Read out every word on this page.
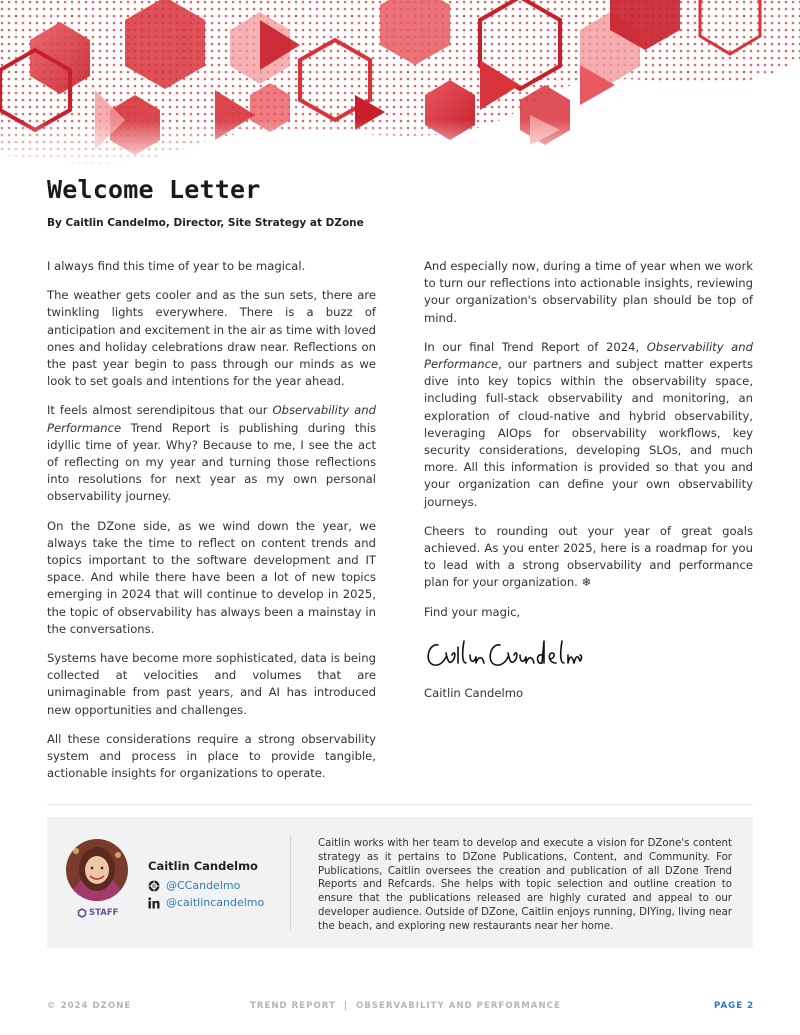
Welcome Letter
By Caitlin Candelmo, Director, Site Strategy at DZone

I always find this time of year to be magical.

The weather gets cooler and as the sun sets, there are twinkling lights everywhere. There is a buzz of anticipation and excitement in the air as time with loved ones and holiday celebrations draw near. Reflections on the past year begin to pass through our minds as we look to set goals and intentions for the year ahead.

It feels almost serendipitous that our Observability and Performance Trend Report is publishing during this idyllic time of year. Why? Because to me, I see the act of reflecting on my year and turning those reflections into resolutions for next year as my own personal observability journey.

On the DZone side, as we wind down the year, we always take the time to reflect on content trends and topics important to the software development and IT space. And while there have been a lot of new topics emerging in 2024 that will continue to develop in 2025, the topic of observability has always been a mainstay in the conversations.

Systems have become more sophisticated, data is being collected at velocities and volumes that are unimaginable from past years, and AI has introduced new opportunities and challenges.

All these considerations require a strong observability system and process in place to provide tangible, actionable insights for organizations to operate.

And especially now, during a time of year when we work to turn our reflections into actionable insights, reviewing your organization's observability plan should be top of mind.

In our final Trend Report of 2024, Observability and Performance, our partners and subject matter experts dive into key topics within the observability space, including full-stack observability and monitoring, an exploration of cloud-native and hybrid observability, leveraging AIOps for observability workflows, key security considerations, developing SLOs, and much more. All this information is provided so that you and your organization can define your own observability journeys.

Cheers to rounding out your year of great goals achieved. As you enter 2025, here is a roadmap for you to lead with a strong observability and performance plan for your organization. ❄

Find your magic,

Caitlin Candelmo

STAFF
Caitlin Candelmo
@CCandelmo
@caitlincandelmo
Caitlin works with her team to develop and execute a vision for DZone's content strategy as it pertains to DZone Publications, Content, and Community. For Publications, Caitlin oversees the creation and publication of all DZone Trend Reports and Refcards. She helps with topic selection and outline creation to ensure that the publications released are highly curated and appeal to our developer audience. Outside of DZone, Caitlin enjoys running, DIYing, living near the beach, and exploring new restaurants near her home.
© 2024 DZONE	TREND REPORT  |  OBSERVABILITY AND PERFORMANCE	PAGE 2
